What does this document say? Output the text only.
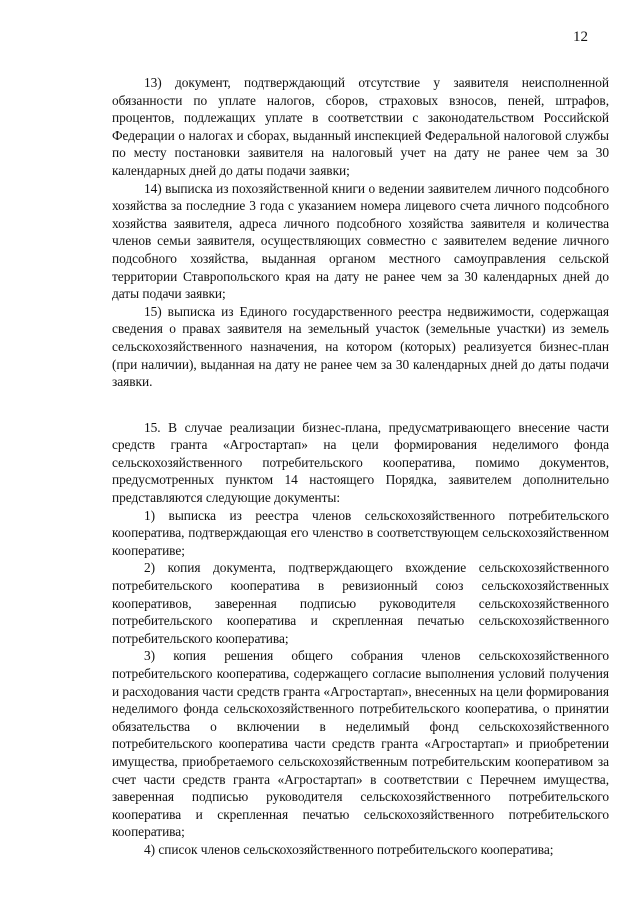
12

13) документ, подтверждающий отсутствие у заявителя неисполненной обязанности по уплате налогов, сборов, страховых взносов, пеней, штрафов, процентов, подлежащих уплате в соответствии с законодательством Российской Федерации о налогах и сборах, выданный инспекцией Федеральной налоговой службы по месту постановки заявителя на налоговый учет на дату не ранее чем за 30 календарных дней до даты подачи заявки;

14) выписка из похозяйственной книги о ведении заявителем личного подсобного хозяйства за последние 3 года с указанием номера лицевого счета личного подсобного хозяйства заявителя, адреса личного подсобного хозяйства заявителя и количества членов семьи заявителя, осуществляющих совместно с заявителем ведение личного подсобного хозяйства, выданная органом местного самоуправления сельской территории Ставропольского края на дату не ранее чем за 30 календарных дней до даты подачи заявки;

15) выписка из Единого государственного реестра недвижимости, содержащая сведения о правах заявителя на земельный участок (земельные участки) из земель сельскохозяйственного назначения, на котором (которых) реализуется бизнес-план (при наличии), выданная на дату не ранее чем за 30 календарных дней до даты подачи заявки.

15. В случае реализации бизнес-плана, предусматривающего внесение части средств гранта «Агростартап» на цели формирования неделимого фонда сельскохозяйственного потребительского кооператива, помимо документов, предусмотренных пунктом 14 настоящего Порядка, заявителем дополнительно представляются следующие документы:

1) выписка из реестра членов сельскохозяйственного потребительского кооператива, подтверждающая его членство в соответствующем сельскохозяйственном кооперативе;

2) копия документа, подтверждающего вхождение сельскохозяйственного потребительского кооператива в ревизионный союз сельскохозяйственных кооперативов, заверенная подписью руководителя сельскохозяйственного потребительского кооператива и скрепленная печатью сельскохозяйственного потребительского кооператива;

3) копия решения общего собрания членов сельскохозяйственного потребительского кооператива, содержащего согласие выполнения условий получения и расходования части средств гранта «Агростартап», внесенных на цели формирования неделимого фонда сельскохозяйственного потребительского кооператива, о принятии обязательства о включении в неделимый фонд сельскохозяйственного потребительского кооператива части средств гранта «Агростартап» и приобретении имущества, приобретаемого сельскохозяйственным потребительским кооперативом за счет части средств гранта «Агростартап» в соответствии с Перечнем имущества, заверенная подписью руководителя сельскохозяйственного потребительского кооператива и скрепленная печатью сельскохозяйственного потребительского кооператива;

4) список членов сельскохозяйственного потребительского кооператива;
